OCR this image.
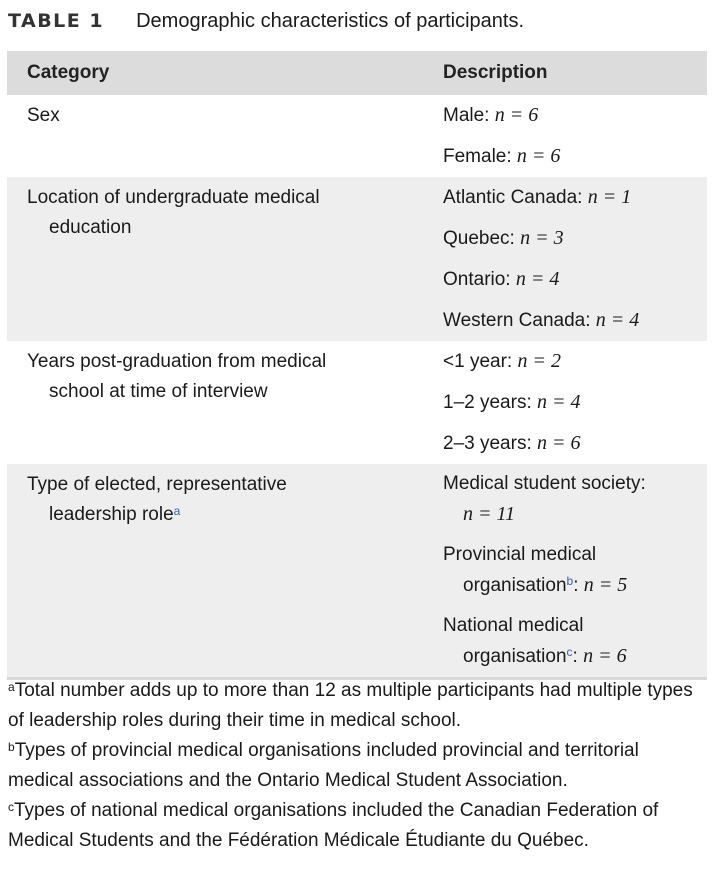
TABLE 1 Demographic characteristics of participants.
Category	Description
Sex	Male: n = 6
Female: n = 6
Location of undergraduate medical
education
Atlantic Canada: n = 1
Quebec: n = 3
Ontario: n = 4
Western Canada: n = 4
Years post-graduation from medical
school at time of interview
<1 year: n = 2
1–2 years: n = 4
2–3 years: n = 6
Type of elected, representative
leadership role$^a$
Medical student society:
n = 11
Provincial medical
organisation$^b$: n = 5
National medical
organisation$^c$: n = 6
$^a$Total number adds up to more than 12 as multiple participants had multiple types of leadership roles during their time in medical school.
$^b$Types of provincial medical organisations included provincial and territorial medical associations and the Ontario Medical Student Association.
$^c$Types of national medical organisations included the Canadian Federation of Medical Students and the Fédération Médicale Étudiante du Québec.
